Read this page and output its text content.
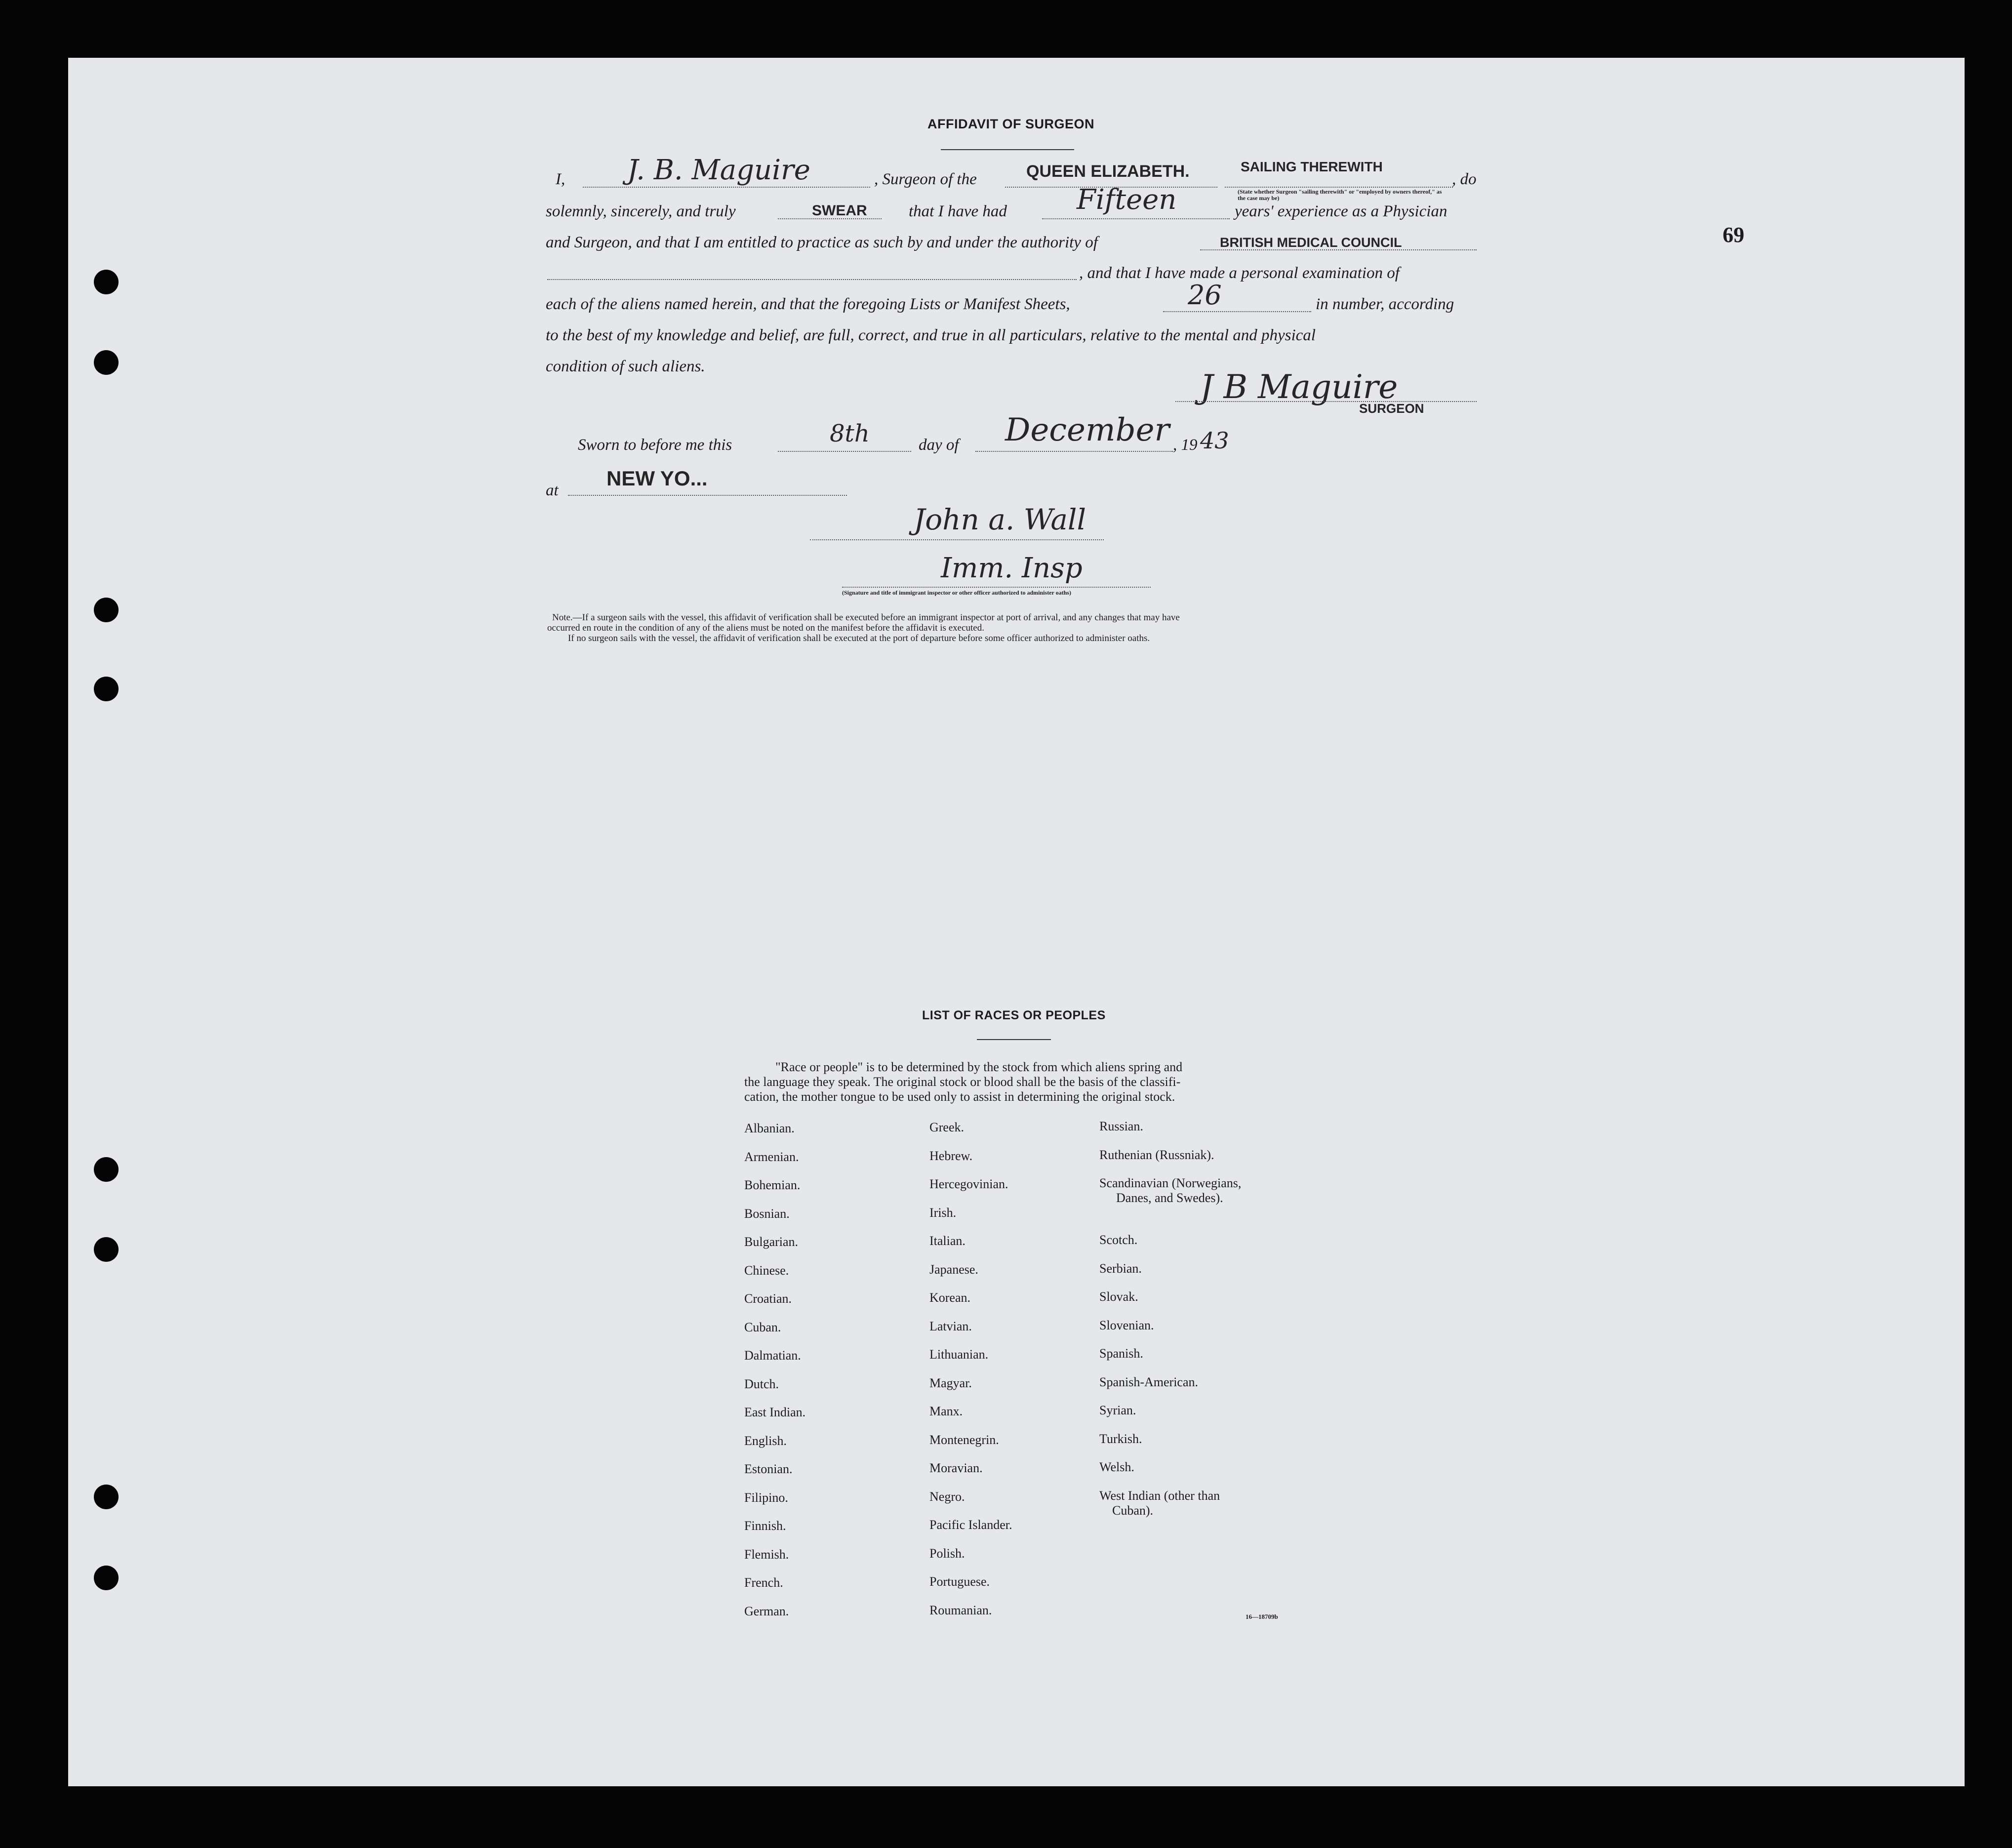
69
AFFIDAVIT OF SURGEON
I, J. B. Maguire	, Surgeon of the	QUEEN ELIZABETH.	SAILING THEREWITH
, do
(State whether Surgeon "sailing therewith" or "employed by owners thereof," as the case may be)
solemnly, sincerely, and truly	SWEAR	that I have had	Fifteen	years' experience as a Physician
and Surgeon, and that I am entitled to practice as such by and under the authority of	BRITISH MEDICAL COUNCIL
, and that I have made a personal examination of
each of the aliens named herein, and that the foregoing Lists or Manifest Sheets,	26	in number, according
to the best of my knowledge and belief, are full, correct, and true in all particulars, relative to the mental and physical
condition of such aliens.
J B Maguire
SURGEON
Sworn to before me this	8th	day of December , 19 43
at
NEW YO...
John a. Wall
Imm. Insp
(Signature and title of immigrant inspector or other officer authorized to administer oaths)
Note.—If a surgeon sails with the vessel, this affidavit of verification shall be executed before an immigrant inspector at port of arrival, and any changes that may have
occurred en route in the condition of any of the aliens must be noted on the manifest before the affidavit is executed.
If no surgeon sails with the vessel, the affidavit of verification shall be executed at the port of departure before some officer authorized to administer oaths.
LIST OF RACES OR PEOPLES
"Race or people" is to be determined by the stock from which aliens spring and
the language they speak. The original stock or blood shall be the basis of the classifi-
cation, the mother tongue to be used only to assist in determining the original stock.
Albanian.
Armenian.
Bohemian.
Bosnian.
Bulgarian.
Chinese.
Croatian.
Cuban.
Dalmatian.
Dutch.
East Indian.
English.
Estonian.
Filipino.
Finnish.
Flemish.
French.
German.
Greek.
Hebrew.
Hercegovinian.
Irish.
Italian.
Japanese.
Korean.
Latvian.
Lithuanian.
Magyar.
Manx.
Montenegrin.
Moravian.
Negro.
Pacific Islander.
Polish.
Portuguese.
Roumanian.
Russian.
Ruthenian (Russniak).
Scandinavian (Norwegians,
Danes, and Swedes).
Scotch.
Serbian.
Slovak.
Slovenian.
Spanish.
Spanish-American.
Syrian.
Turkish.
Welsh.
West Indian (other than
Cuban).
16—18709b
